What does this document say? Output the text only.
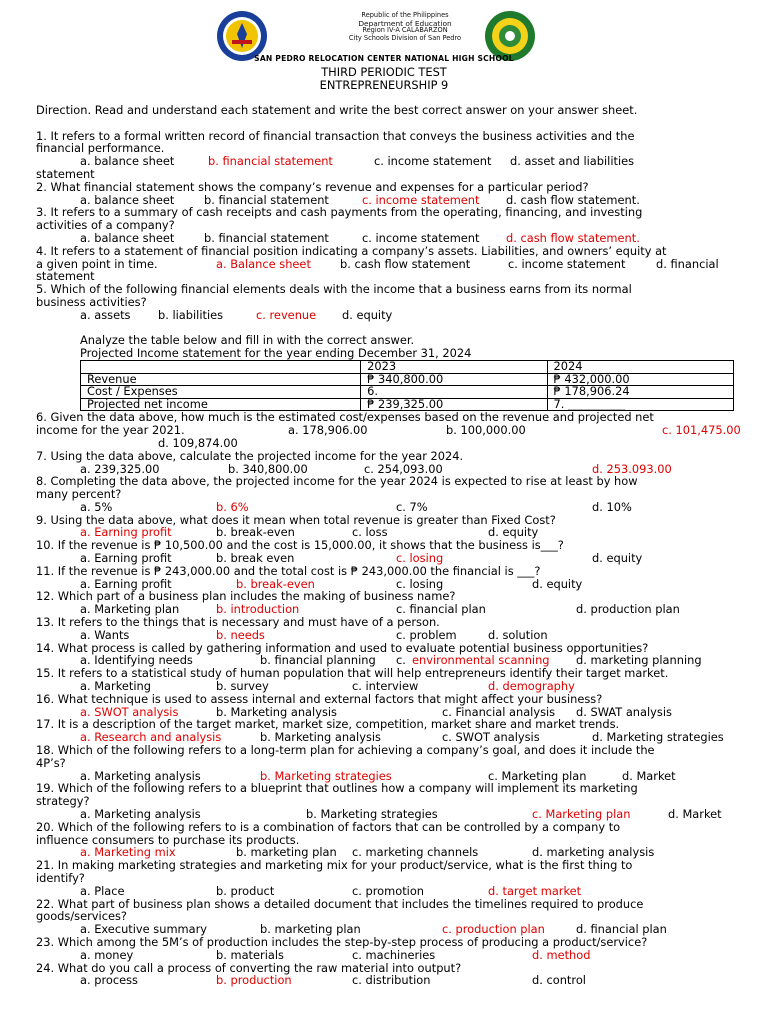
Republic of the Philippines
Department of Education
Region IV-A CALABARZON
City Schools Division of San Pedro
SAN PEDRO RELOCATION CENTER NATIONAL HIGH SCHOOL
THIRD PERIODIC TEST
ENTREPRENEURSHIP 9
Direction. Read and understand each statement and write the best correct answer on your answer sheet.
1. It refers to a formal written record of financial transaction that conveys the business activities and the
financial performance.
a. balance sheet	b. financial statement	c. income statement d. asset and liabilities
statement
2. What financial statement shows the company’s revenue and expenses for a particular period?
a. balance sheet	b. financial statement	c. income statement d. cash flow statement.
3. It refers to a summary of cash receipts and cash payments from the operating, financing, and investing
activities of a company?
a. balance sheet	b. financial statement	c. income statement d. cash flow statement.
4. It refers to a statement of financial position indicating a company’s assets. Liabilities, and owners’ equity at
a given point in time.	a. Balance sheet	b. cash flow statement	c. income statement	d. financial
statement
5. Which of the following financial elements deals with the income that a business earns from its normal
business activities?
a. assets b. liabilities	c. revenue d. equity
Analyze the table below and fill in with the correct answer.
Projected Income statement for the year ending December 31, 2024
	2023	2024
Revenue	₱ 340,800.00	₱ 432,000.00
Cost / Expenses	6.	₱ 178,906.24
Projected net income	₱ 239,325.00	7. __________
6. Given the data above, how much is the estimated cost/expenses based on the revenue and projected net
income for the year 2021.	a. 178,906.00	b. 100,000.00	c. 101,475.00
d. 109,874.00
7. Using the data above, calculate the projected income for the year 2024.
a. 239,325.00	b. 340,800.00	c. 254,093.00	d. 253.093.00
8. Completing the data above, the projected income for the year 2024 is expected to rise at least by how
many percent?
a. 5%	b. 6%	c. 7%	d. 10%
9. Using the data above, what does it mean when total revenue is greater than Fixed Cost?
a. Earning profit	b. break-even	c. loss	d. equity
10. If the revenue is ₱ 10,500.00 and the cost is 15,000.00, it shows that the business is___?
a. Earning profit	b. break even	c. losing	d. equity
11. If the revenue is ₱ 243,000.00 and the total cost is ₱ 243,000.00 the financial is ___?
a. Earning profit	b. break-even	c. losing	d. equity
12. Which part of a business plan includes the making of business name?
a. Marketing plan	b. introduction	c. financial plan	d. production plan
13. It refers to the things that is necessary and must have of a person.
a. Wants	b. needs	c. problem	d. solution
14. What process is called by gathering information and used to evaluate potential business opportunities?
a. Identifying needs	b. financial planning c. environmental scanning d. marketing planning
15. It refers to a statistical study of human population that will help entrepreneurs identify their target market.
a. Marketing	b. survey	c. interview	d. demography
16. What technique is used to assess internal and external factors that might affect your business?
a. SWOT analysis	b. Marketing analysis	c. Financial analysis d. SWAT analysis
17. It is a description of the target market, market size, competition, market share and market trends.
a. Research and analysis	b. Marketing analysis	c. SWOT analysis	d. Marketing strategies
18. Which of the following refers to a long-term plan for achieving a company’s goal, and does it include the
4P’s?
a. Marketing analysis	b. Marketing strategies	c. Marketing plan	d. Market
19. Which of the following refers to a blueprint that outlines how a company will implement its marketing
strategy?
a. Marketing analysis	b. Marketing strategies	c. Marketing plan	d. Market
20. Which of the following refers to is a combination of factors that can be controlled by a company to
influence consumers to purchase its products.
a. Marketing mix	b. marketing plan c. marketing channels	d. marketing analysis
21. In making marketing strategies and marketing mix for your product/service, what is the first thing to
identify?
a. Place	b. product	c. promotion	d. target market
22. What part of business plan shows a detailed document that includes the timelines required to produce
goods/services?
a. Executive summary	b. marketing plan	c. production plan	d. financial plan
23. Which among the 5M’s of production includes the step-by-step process of producing a product/service?
a. money	b. materials	c. machineries	d. method
24. What do you call a process of converting the raw material into output?
a. process	b. production	c. distribution	d. control
